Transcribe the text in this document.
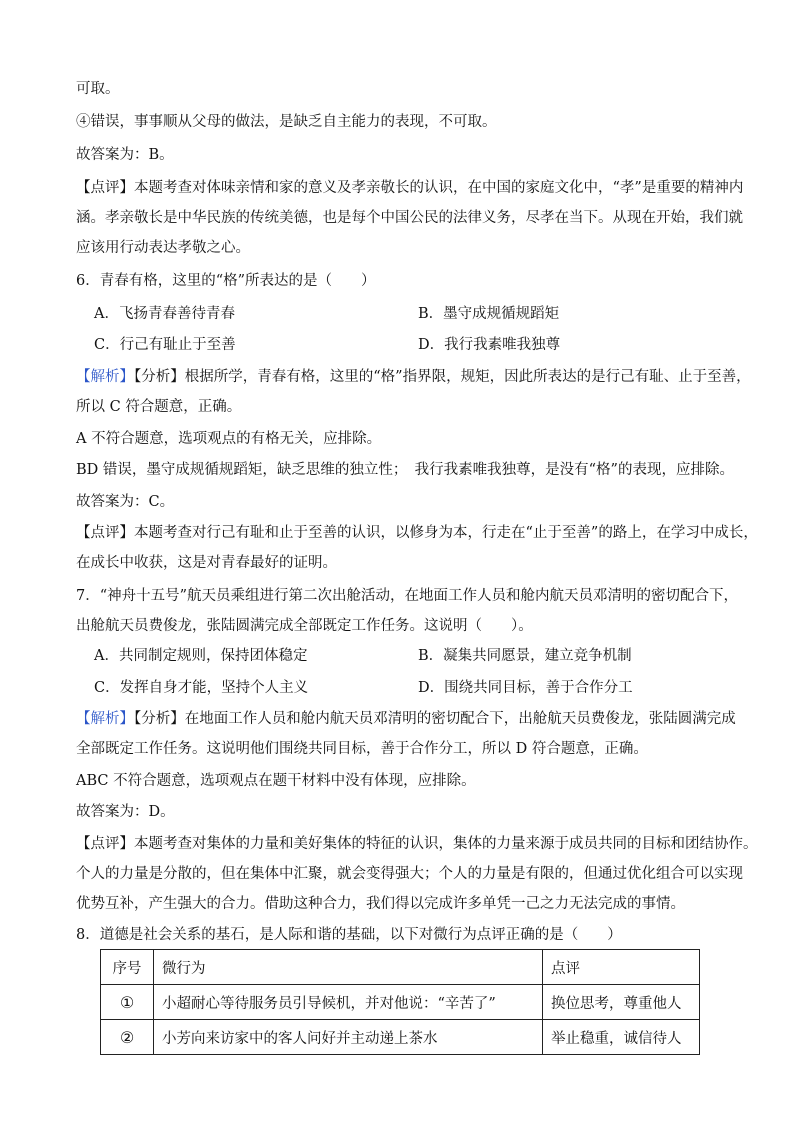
可取。
④错误，事事顺从父母的做法，是缺乏自主能力的表现，不可取。
故答案为：B。
【点评】本题考查对体味亲情和家的意义及孝亲敬长的认识，在中国的家庭文化中，“孝”是重要的精神内
涵。孝亲敬长是中华民族的传统美德，也是每个中国公民的法律义务，尽孝在当下。从现在开始，我们就
应该用行动表达孝敬之心。
6．青春有格，这里的“格”所表达的是（　　）
A．飞扬青春善待青春	B．墨守成规循规蹈矩
C．行己有耻止于至善	D．我行我素唯我独尊
【解析】【分析】根据所学，青春有格，这里的“格”指界限，规矩，因此所表达的是行己有耻、止于至善，
所以 C 符合题意，正确。
A 不符合题意，选项观点的有格无关，应排除。
BD 错误，墨守成规循规蹈矩，缺乏思维的独立性；　我行我素唯我独尊，是没有“格”的表现，应排除。
故答案为：C。
【点评】本题考查对行己有耻和止于至善的认识，以修身为本，行走在“止于至善”的路上，在学习中成长，
在成长中收获，这是对青春最好的证明。
7．“神舟十五号”航天员乘组进行第二次出舱活动，在地面工作人员和舱内航天员邓清明的密切配合下，
出舱航天员费俊龙，张陆圆满完成全部既定工作任务。这说明（　　）。
A．共同制定规则，保持团体稳定	B．凝集共同愿景，建立竞争机制
C．发挥自身才能，坚持个人主义	D．围绕共同目标，善于合作分工
【解析】【分析】在地面工作人员和舱内航天员邓清明的密切配合下，出舱航天员费俊龙，张陆圆满完成
全部既定工作任务。这说明他们围绕共同目标，善于合作分工，所以 D 符合题意，正确。
ABC 不符合题意，选项观点在题干材料中没有体现，应排除。
故答案为：D。
【点评】本题考查对集体的力量和美好集体的特征的认识，集体的力量来源于成员共同的目标和团结协作。
个人的力量是分散的，但在集体中汇聚，就会变得强大；个人的力量是有限的，但通过优化组合可以实现
优势互补，产生强大的合力。借助这种合力，我们得以完成许多单凭一己之力无法完成的事情。
8．道德是社会关系的基石，是人际和谐的基础，以下对微行为点评正确的是（　　）
序号	微行为	点评
①	小超耐心等待服务员引导候机，并对他说：“辛苦了”	换位思考，尊重他人
②	小芳向来访家中的客人问好并主动递上茶水	举止稳重，诚信待人
